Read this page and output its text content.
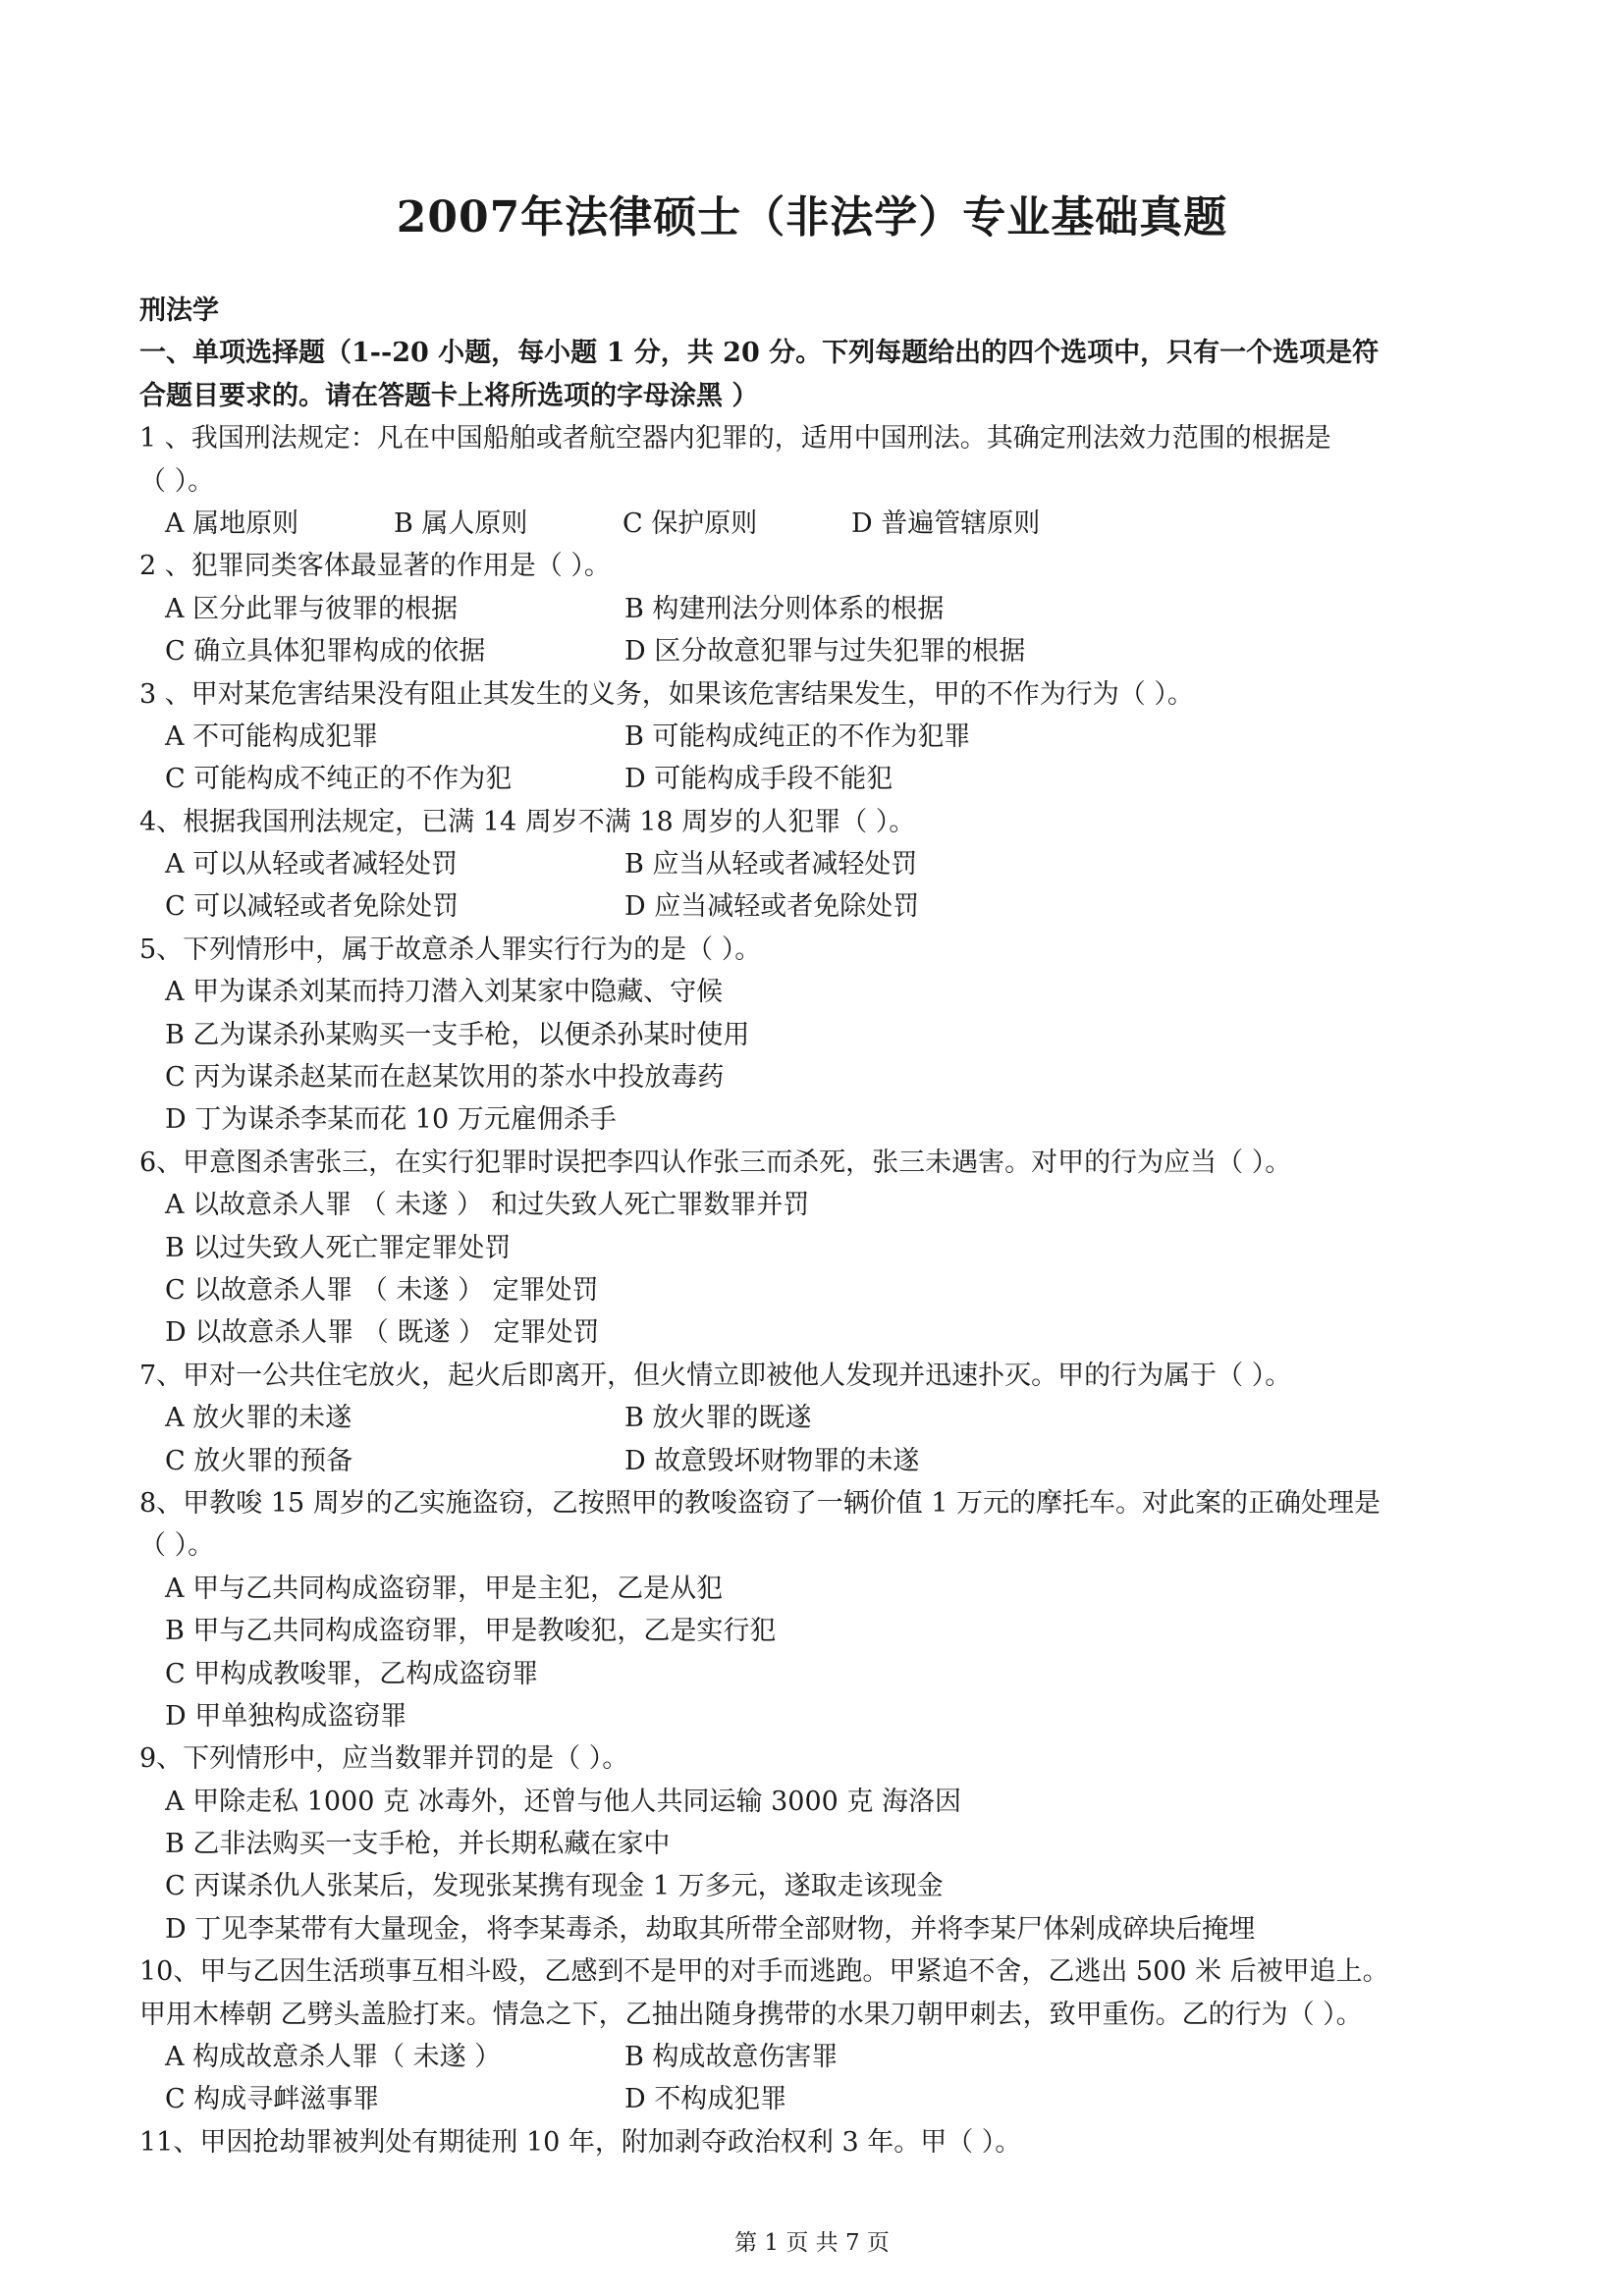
2007年法律硕士（非法学）专业基础真题
刑法学
一、单项选择题（1--20 小题，每小题 1 分，共 20 分。下列每题给出的四个选项中，只有一个选项是符
合题目要求的。请在答题卡上将所选项的字母涂黑 ）
1 、我国刑法规定：凡在中国船舶或者航空器内犯罪的，适用中国刑法。其确定刑法效力范围的根据是
（ ）。
A 属地原则	B 属人原则	C 保护原则	D 普遍管辖原则
2 、犯罪同类客体最显著的作用是（ ）。
A 区分此罪与彼罪的根据	B 构建刑法分则体系的根据
C 确立具体犯罪构成的依据	D 区分故意犯罪与过失犯罪的根据
3 、甲对某危害结果没有阻止其发生的义务，如果该危害结果发生，甲的不作为行为（ ）。
A 不可能构成犯罪	B 可能构成纯正的不作为犯罪
C 可能构成不纯正的不作为犯	D 可能构成手段不能犯
4、根据我国刑法规定，已满 14 周岁不满 18 周岁的人犯罪（ ）。
A 可以从轻或者减轻处罚	B 应当从轻或者减轻处罚
C 可以减轻或者免除处罚	D 应当减轻或者免除处罚
5、下列情形中，属于故意杀人罪实行行为的是（ ）。
A 甲为谋杀刘某而持刀潜入刘某家中隐藏、守候
B 乙为谋杀孙某购买一支手枪，以便杀孙某时使用
C 丙为谋杀赵某而在赵某饮用的茶水中投放毒药
D 丁为谋杀李某而花 10 万元雇佣杀手
6、甲意图杀害张三，在实行犯罪时误把李四认作张三而杀死，张三未遇害。对甲的行为应当（ ）。
A 以故意杀人罪 （ 未遂 ） 和过失致人死亡罪数罪并罚
B 以过失致人死亡罪定罪处罚
C 以故意杀人罪 （ 未遂 ） 定罪处罚
D 以故意杀人罪 （ 既遂 ） 定罪处罚
7、甲对一公共住宅放火，起火后即离开，但火情立即被他人发现并迅速扑灭。甲的行为属于（ ）。
A 放火罪的未遂	B 放火罪的既遂
C 放火罪的预备	D 故意毁坏财物罪的未遂
8、甲教唆 15 周岁的乙实施盗窃，乙按照甲的教唆盗窃了一辆价值 1 万元的摩托车。对此案的正确处理是
（ ）。
A 甲与乙共同构成盗窃罪，甲是主犯，乙是从犯
B 甲与乙共同构成盗窃罪，甲是教唆犯，乙是实行犯
C 甲构成教唆罪，乙构成盗窃罪
D 甲单独构成盗窃罪
9、下列情形中，应当数罪并罚的是（ ）。
A 甲除走私 1000 克 冰毒外，还曾与他人共同运输 3000 克 海洛因
B 乙非法购买一支手枪，并长期私藏在家中
C 丙谋杀仇人张某后，发现张某携有现金 1 万多元，遂取走该现金
D 丁见李某带有大量现金，将李某毒杀，劫取其所带全部财物，并将李某尸体剁成碎块后掩埋
10、甲与乙因生活琐事互相斗殴，乙感到不是甲的对手而逃跑。甲紧追不舍，乙逃出 500 米 后被甲追上。
甲用木棒朝 乙劈头盖脸打来。情急之下，乙抽出随身携带的水果刀朝甲刺去，致甲重伤。乙的行为（ ）。
A 构成故意杀人罪（ 未遂 ）	B 构成故意伤害罪
C 构成寻衅滋事罪	D 不构成犯罪
11、甲因抢劫罪被判处有期徒刑 10 年，附加剥夺政治权利 3 年。甲（ ）。
第 1 页 共 7 页
